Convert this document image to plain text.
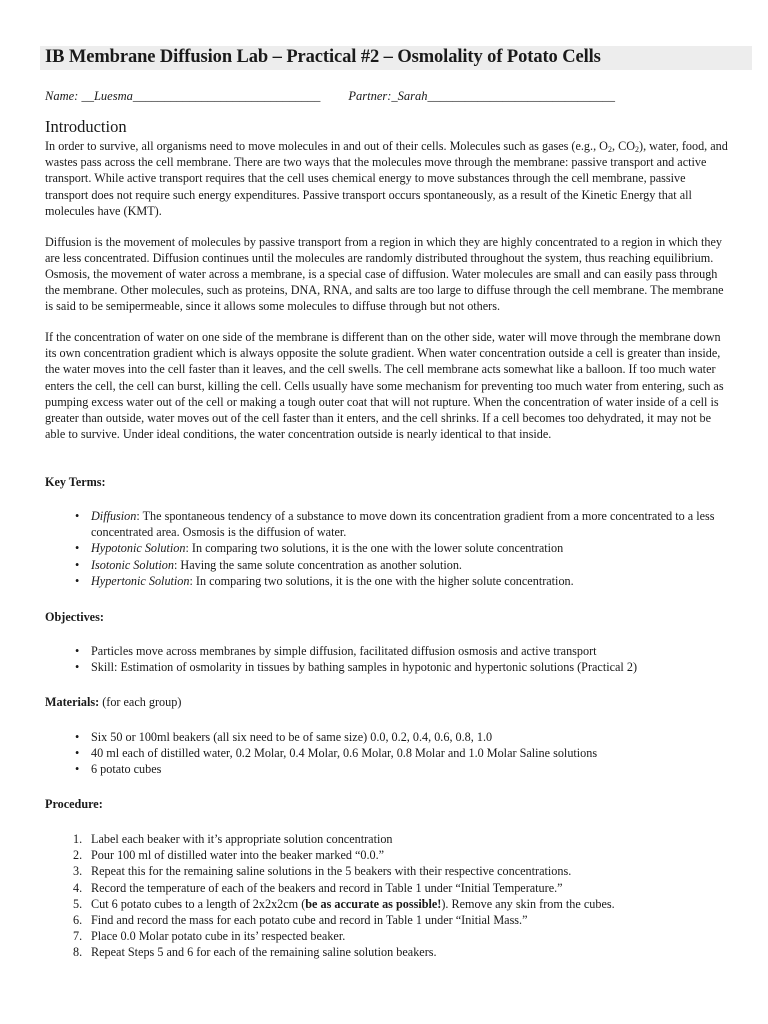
IB Membrane Diffusion Lab – Practical #2 – Osmolality of Potato Cells
Name: __Luesma______________________________ Partner:_Sarah______________________________
Introduction

In order to survive, all organisms need to move molecules in and out of their cells. Molecules such as gases (e.g., $O_2$, $CO_2$), water, food, and wastes pass across the cell membrane. There are two ways that the molecules move through the membrane: passive transport and active transport. While active transport requires that the cell uses chemical energy to move substances through the cell membrane, passive transport does not require such energy expenditures. Passive transport occurs spontaneously, as a result of the Kinetic Energy that all molecules have (KMT).

Diffusion is the movement of molecules by passive transport from a region in which they are highly concentrated to a region in which they are less concentrated. Diffusion continues until the molecules are randomly distributed throughout the system, thus reaching equilibrium. Osmosis, the movement of water across a membrane, is a special case of diffusion. Water molecules are small and can easily pass through the membrane. Other molecules, such as proteins, DNA, RNA, and salts are too large to diffuse through the cell membrane. The membrane is said to be semipermeable, since it allows some molecules to diffuse through but not others.

If the concentration of water on one side of the membrane is different than on the other side, water will move through the membrane down its own concentration gradient which is always opposite the solute gradient. When water concentration outside a cell is greater than inside, the water moves into the cell faster than it leaves, and the cell swells. The cell membrane acts somewhat like a balloon. If too much water enters the cell, the cell can burst, killing the cell. Cells usually have some mechanism for preventing too much water from entering, such as pumping excess water out of the cell or making a tough outer coat that will not rupture. When the concentration of water inside of a cell is greater than outside, water moves out of the cell faster than it enters, and the cell shrinks. If a cell becomes too dehydrated, it may not be able to survive. Under ideal conditions, the water concentration outside is nearly identical to that inside.

Key Terms:
• Diffusion: The spontaneous tendency of a substance to move down its concentration gradient from a more concentrated to a less concentrated area. Osmosis is the diffusion of water.
• Hypotonic Solution: In comparing two solutions, it is the one with the lower solute concentration
• Isotonic Solution: Having the same solute concentration as another solution.
• Hypertonic Solution: In comparing two solutions, it is the one with the higher solute concentration.
Objectives:
• Particles move across membranes by simple diffusion, facilitated diffusion osmosis and active transport
• Skill: Estimation of osmolarity in tissues by bathing samples in hypotonic and hypertonic solutions (Practical 2)
Materials: (for each group)
• Six 50 or 100ml beakers (all six need to be of same size) 0.0, 0.2, 0.4, 0.6, 0.8, 1.0
• 40 ml each of distilled water, 0.2 Molar, 0.4 Molar, 0.6 Molar, 0.8 Molar and 1.0 Molar Saline solutions
• 6 potato cubes
Procedure:
1. Label each beaker with it’s appropriate solution concentration
2. Pour 100 ml of distilled water into the beaker marked “0.0.”
3. Repeat this for the remaining saline solutions in the 5 beakers with their respective concentrations.
4. Record the temperature of each of the beakers and record in Table 1 under “Initial Temperature.”
5. Cut 6 potato cubes to a length of 2x2x2cm (be as accurate as possible!). Remove any skin from the cubes.
6. Find and record the mass for each potato cube and record in Table 1 under “Initial Mass.”
7. Place 0.0 Molar potato cube in its’ respected beaker.
8. Repeat Steps 5 and 6 for each of the remaining saline solution beakers.
